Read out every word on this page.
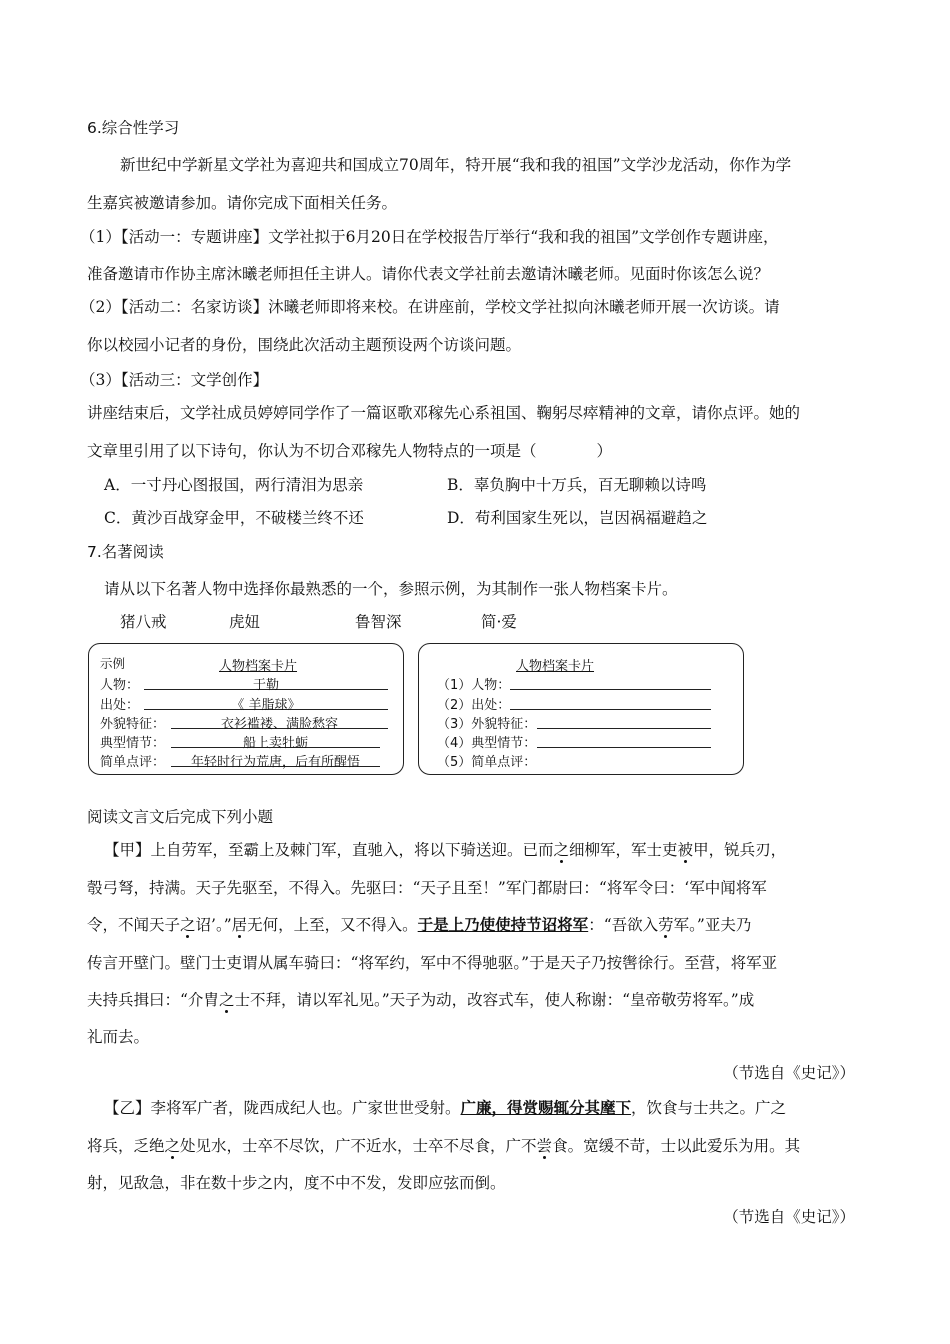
6.综合性学习
新世纪中学新星文学社为喜迎共和国成立70周年，特开展“我和我的祖国”文学沙龙活动，你作为学
生嘉宾被邀请参加。请你完成下面相关任务。
（1）【活动一：专题讲座】文学社拟于6月20日在学校报告厅举行“我和我的祖国”文学创作专题讲座，
准备邀请市作协主席沐曦老师担任主讲人。请你代表文学社前去邀请沐曦老师。见面时你该怎么说？
（2）【活动二：名家访谈】沐曦老师即将来校。在讲座前，学校文学社拟向沐曦老师开展一次访谈。请
你以校园小记者的身份，围绕此次活动主题预设两个访谈问题。
（3）【活动三：文学创作】
讲座结束后，文学社成员婷婷同学作了一篇讴歌邓稼先心系祖国、鞠躬尽瘁精神的文章，请你点评。她的
文章里引用了以下诗句，你认为不切合邓稼先人物特点的一项是（	）
A．一寸丹心图报国，两行清泪为思亲	B．辜负胸中十万兵，百无聊赖以诗鸣
C．黄沙百战穿金甲，不破楼兰终不还	D．苟利国家生死以，岂因祸福避趋之
7.名著阅读
请从以下名著人物中选择你最熟悉的一个，参照示例，为其制作一张人物档案卡片。
猪八戒	虎妞	鲁智深	简·爱
示例	人物档案卡片
人物：	于勒
出处：	《 羊脂球》
外貌特征：	衣衫褴褛、满脸愁容
典型情节：	船上卖牡蛎
简单点评：	年轻时行为荒唐，后有所醒悟
人物档案卡片
（1）人物：
（2）出处：
（3）外貌特征：
（4）典型情节：
（5）简单点评：
阅读文言文后完成下列小题
【甲】上自劳军，至霸上及棘门军，直驰入，将以下骑送迎。已而之细柳军，军士吏被甲，锐兵刃，
彀弓弩，持满。天子先驱至，不得入。先驱曰：“天子且至！”军门都尉曰：“将军令曰：‘军中闻将军
令，不闻天子之诏’。”居无何，上至，又不得入。于是上乃使使持节诏将军：“吾欲入劳军。”亚夫乃
传言开壁门。壁门士吏谓从属车骑曰：“将军约，军中不得驰驱。”于是天子乃按辔徐行。至营，将军亚
夫持兵揖曰：“介胄之士不拜，请以军礼见。”天子为动，改容式车，使人称谢：“皇帝敬劳将军。”成
礼而去。
（节选自《史记》）
【乙】李将军广者，陇西成纪人也。广家世世受射。广廉，得赏赐辄分其麾下，饮食与士共之。广之
将兵，乏绝之处见水，士卒不尽饮，广不近水，士卒不尽食，广不尝食。宽缓不苛，士以此爱乐为用。其
射，见敌急，非在数十步之内，度不中不发，发即应弦而倒。
（节选自《史记》）
